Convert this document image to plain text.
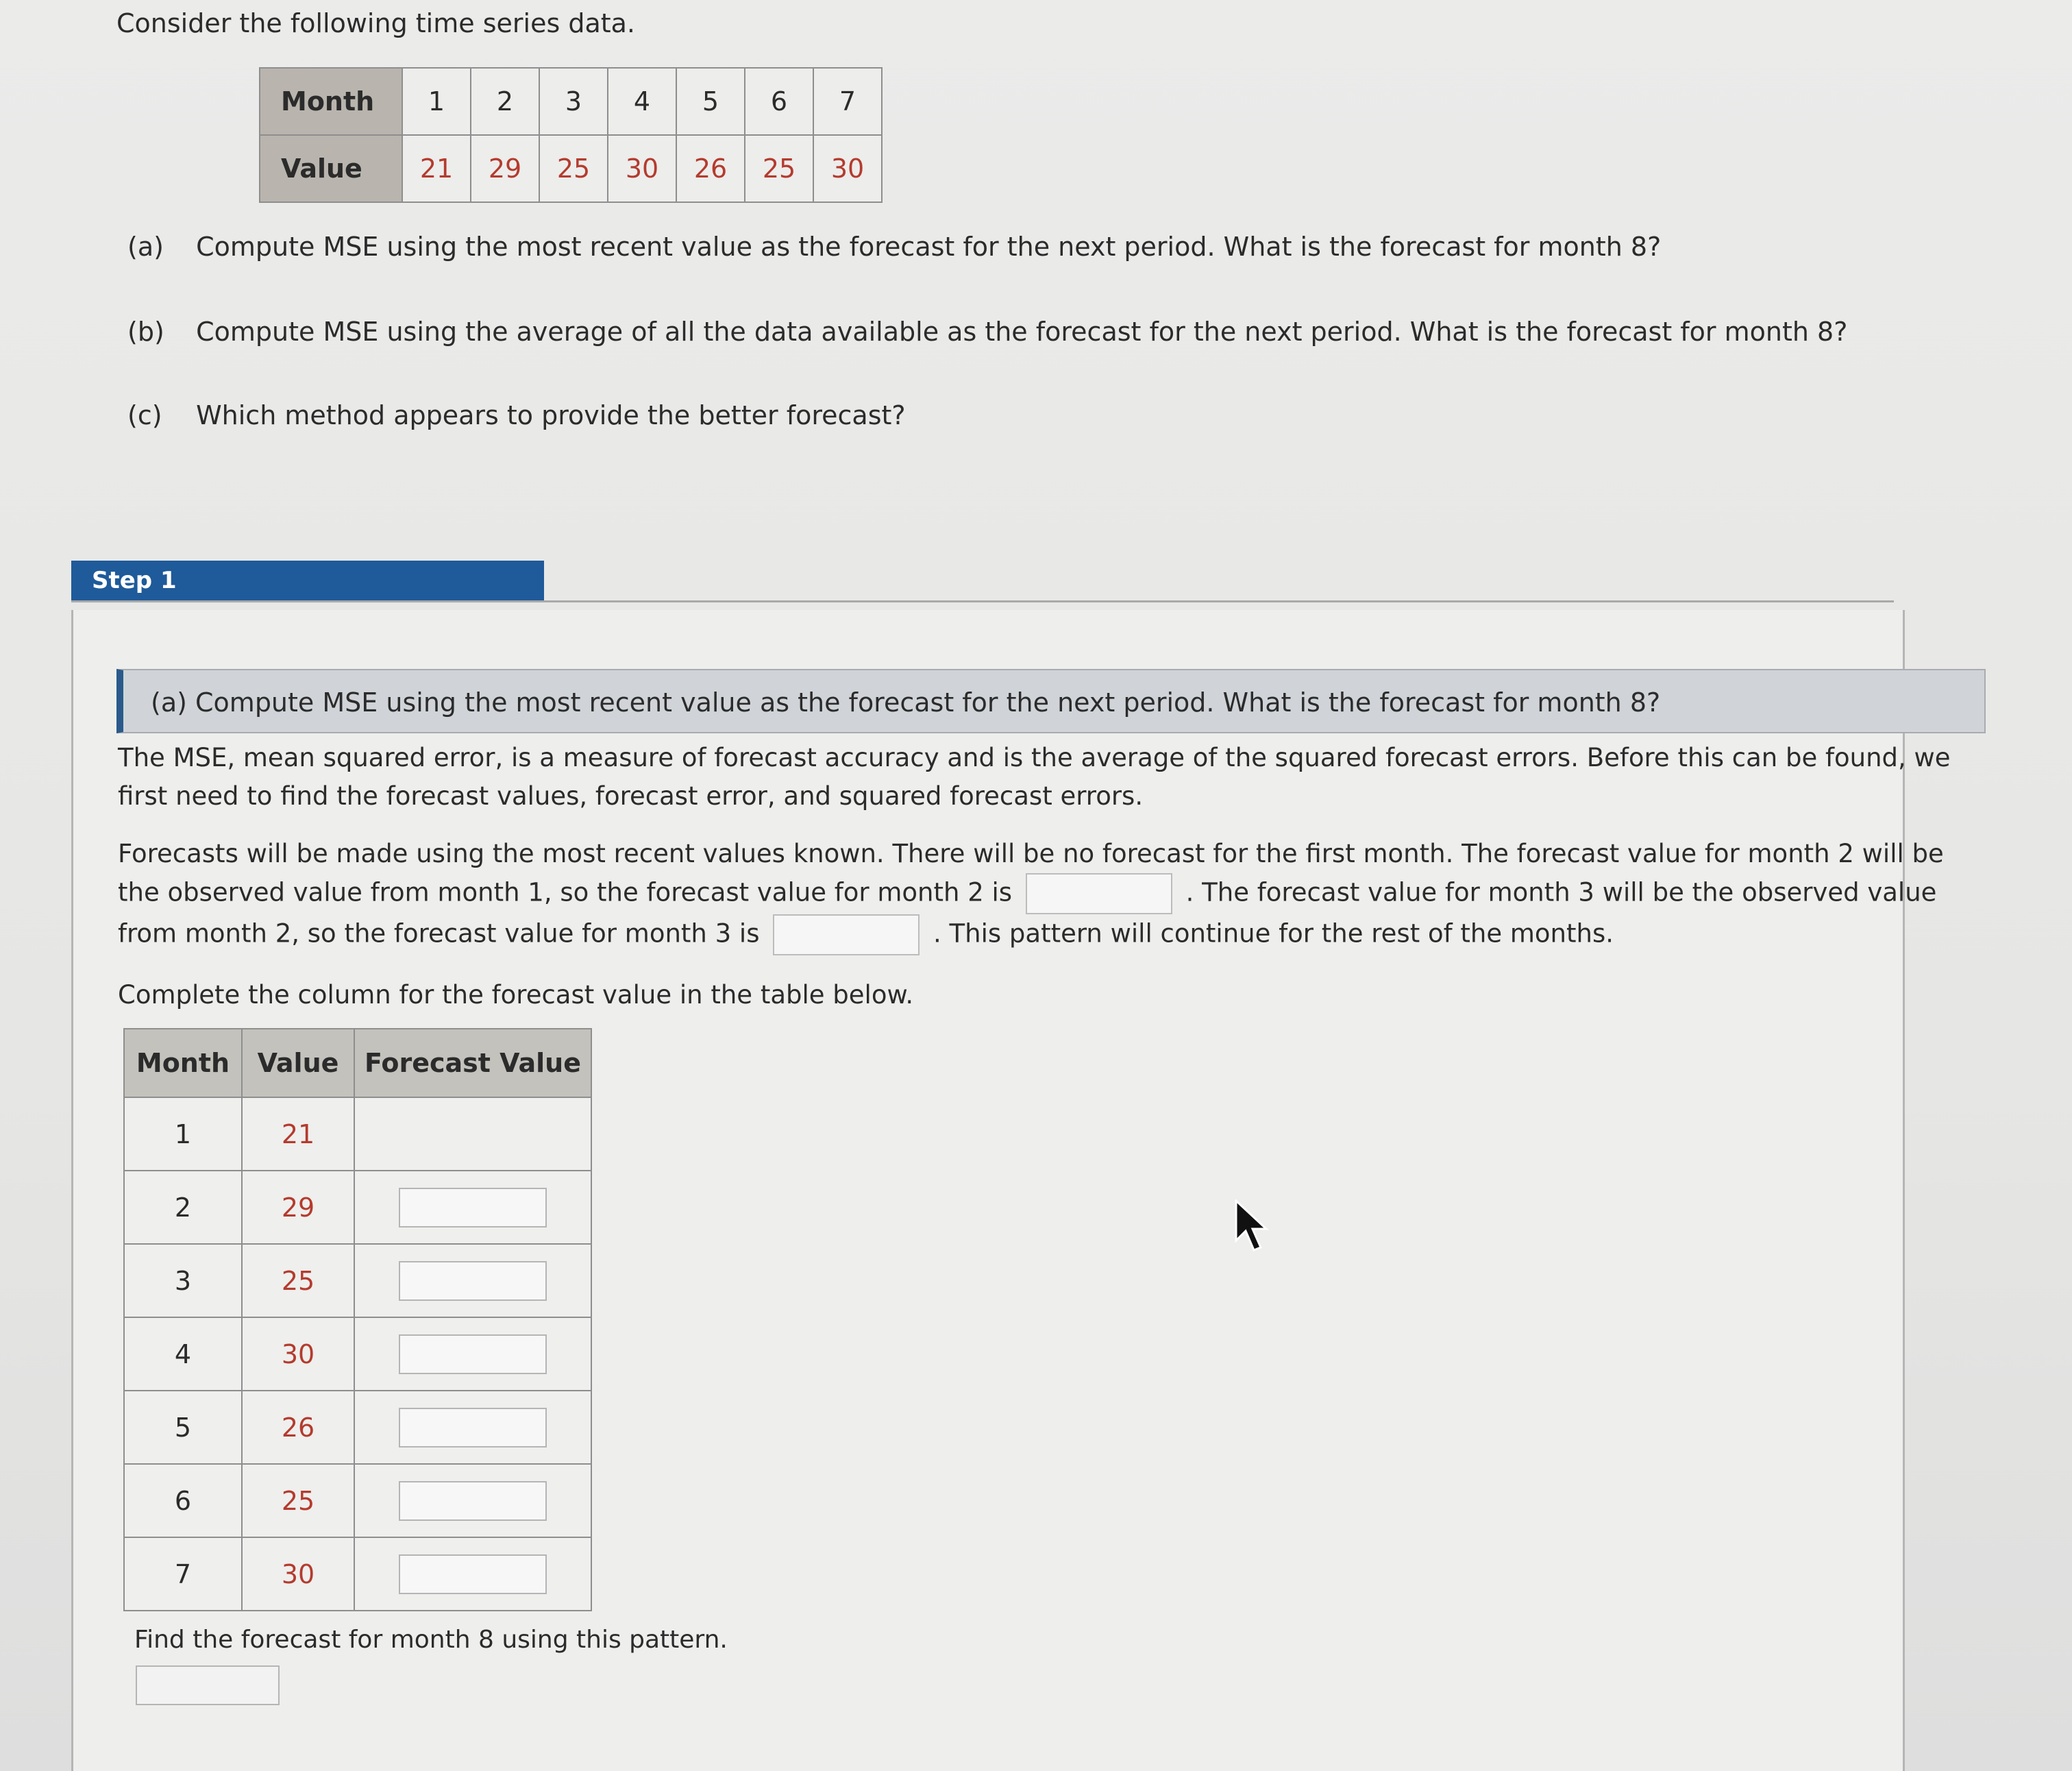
Consider the following time series data.
Month	1	2	3	4	5	6	7
Value	21	29	25	30	26	25	30
(a) Compute MSE using the most recent value as the forecast for the next period. What is the forecast for month 8?
(b) Compute MSE using the average of all the data available as the forecast for the next period. What is the forecast for month 8?
(c) Which method appears to provide the better forecast?
Step 1
(a) Compute MSE using the most recent value as the forecast for the next period. What is the forecast for month 8?
The MSE, mean squared error, is a measure of forecast accuracy and is the average of the squared forecast errors. Before this can be found, we first need to find the forecast values, forecast error, and squared forecast errors.
Forecasts will be made using the most recent values known. There will be no forecast for the first month. The forecast value for month 2 will be the observed value from month 1, so the forecast value for month 2 is	. The forecast value for month 3 will be the observed value from month 2, so the forecast value for month 3 is	. This pattern will continue for the rest of the months.
Complete the column for the forecast value in the table below.
Month	Value	Forecast Value
1	21	
2	29	
3	25	
4	30	
5	26	
6	25	
7	30	
Find the forecast for month 8 using this pattern.
